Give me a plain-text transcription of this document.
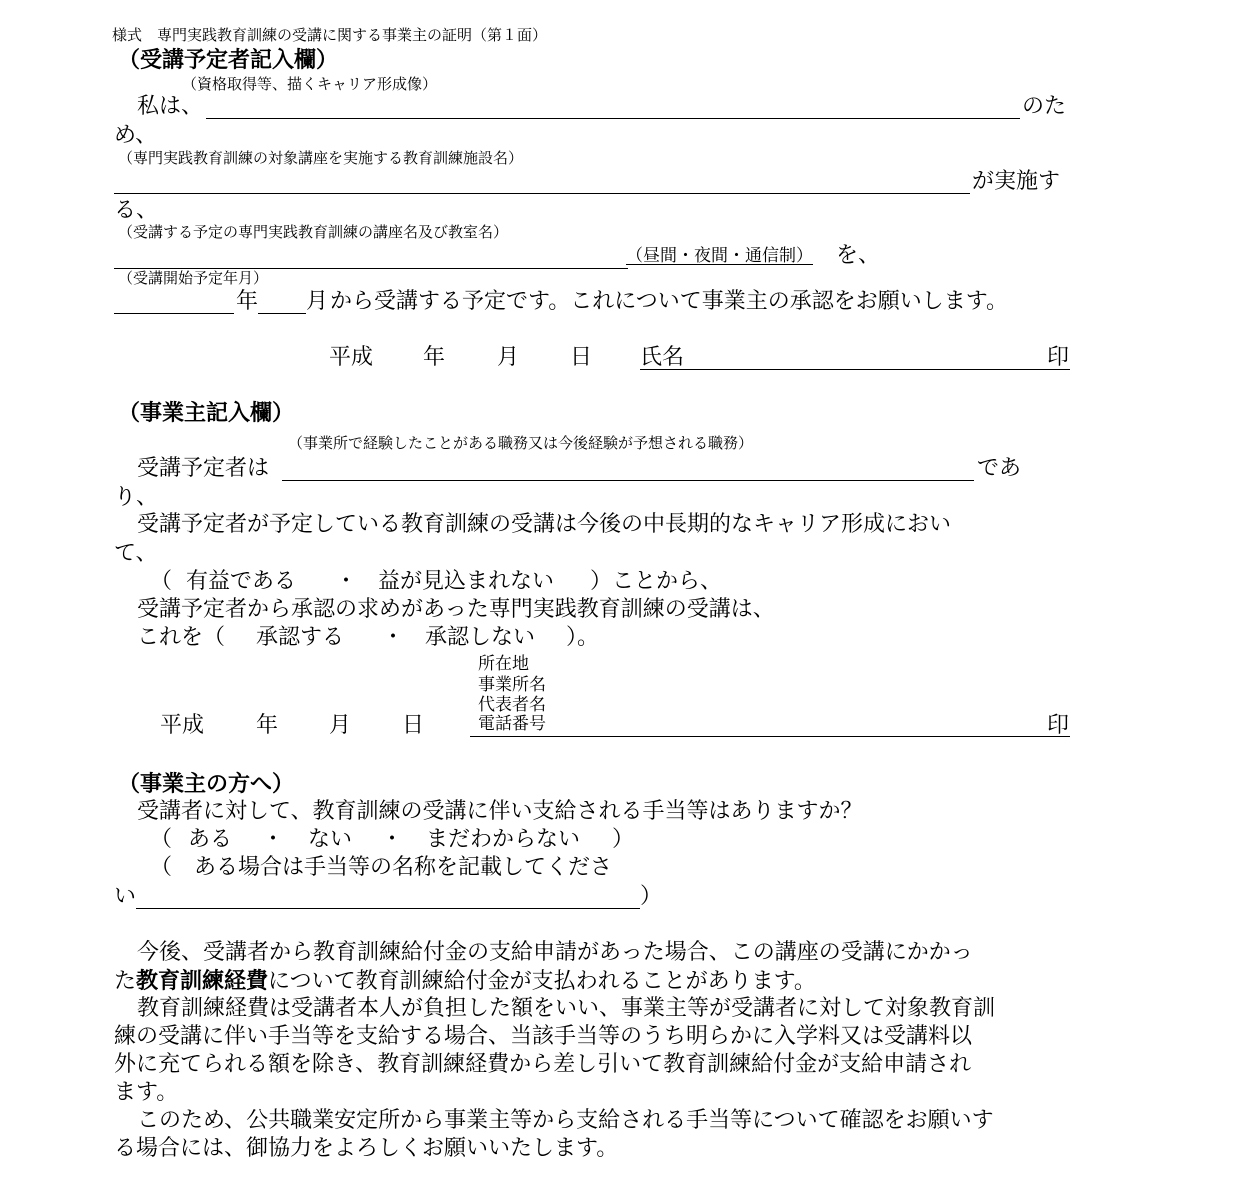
様式　専門実践教育訓練の受講に関する事業主の証明（第１面）
（受講予定者記入欄）
（資格取得等、描くキャリア形成像）
私は、	のた
め、
（専門実践教育訓練の対象講座を実施する教育訓練施設名）
が実施す
る、
（受講する予定の専門実践教育訓練の講座名及び教室名）
（昼間・夜間・通信制） を、
（受講開始予定年月）
年 月 から受講する予定です。これについて事業主の承認をお願いします。
平成 年 月 日 氏名	印
（事業主記入欄）
（事業所で経験したことがある職務又は今後経験が予想される職務）
受講予定者は	であ
り、
受講予定者が予定している教育訓練の受講は今後の中長期的なキャリア形成におい
て、
（ 有益である ・ 益が見込まれない ）ことから、
受講予定者から承認の求めがあった専門実践教育訓練の受講は、
これを（ 承認する ・ 承認しない ）。
所在地
事業所名
代表者名
電話番号	印
平成 年 月 日
（事業主の方へ）
受講者に対して、教育訓練の受講に伴い支給される手当等はありますか？
（ ある ・ ない ・ まだわからない ）
（　ある場合は手当等の名称を記載してくださ
い	）
今後、受講者から教育訓練給付金の支給申請があった場合、この講座の受講にかかっ
た教育訓練経費について教育訓練給付金が支払われることがあります。
教育訓練経費は受講者本人が負担した額をいい、事業主等が受講者に対して対象教育訓
練の受講に伴い手当等を支給する場合、当該手当等のうち明らかに入学料又は受講料以
外に充てられる額を除き、教育訓練経費から差し引いて教育訓練給付金が支給申請され
ます。
このため、公共職業安定所から事業主等から支給される手当等について確認をお願いす
る場合には、御協力をよろしくお願いいたします。
